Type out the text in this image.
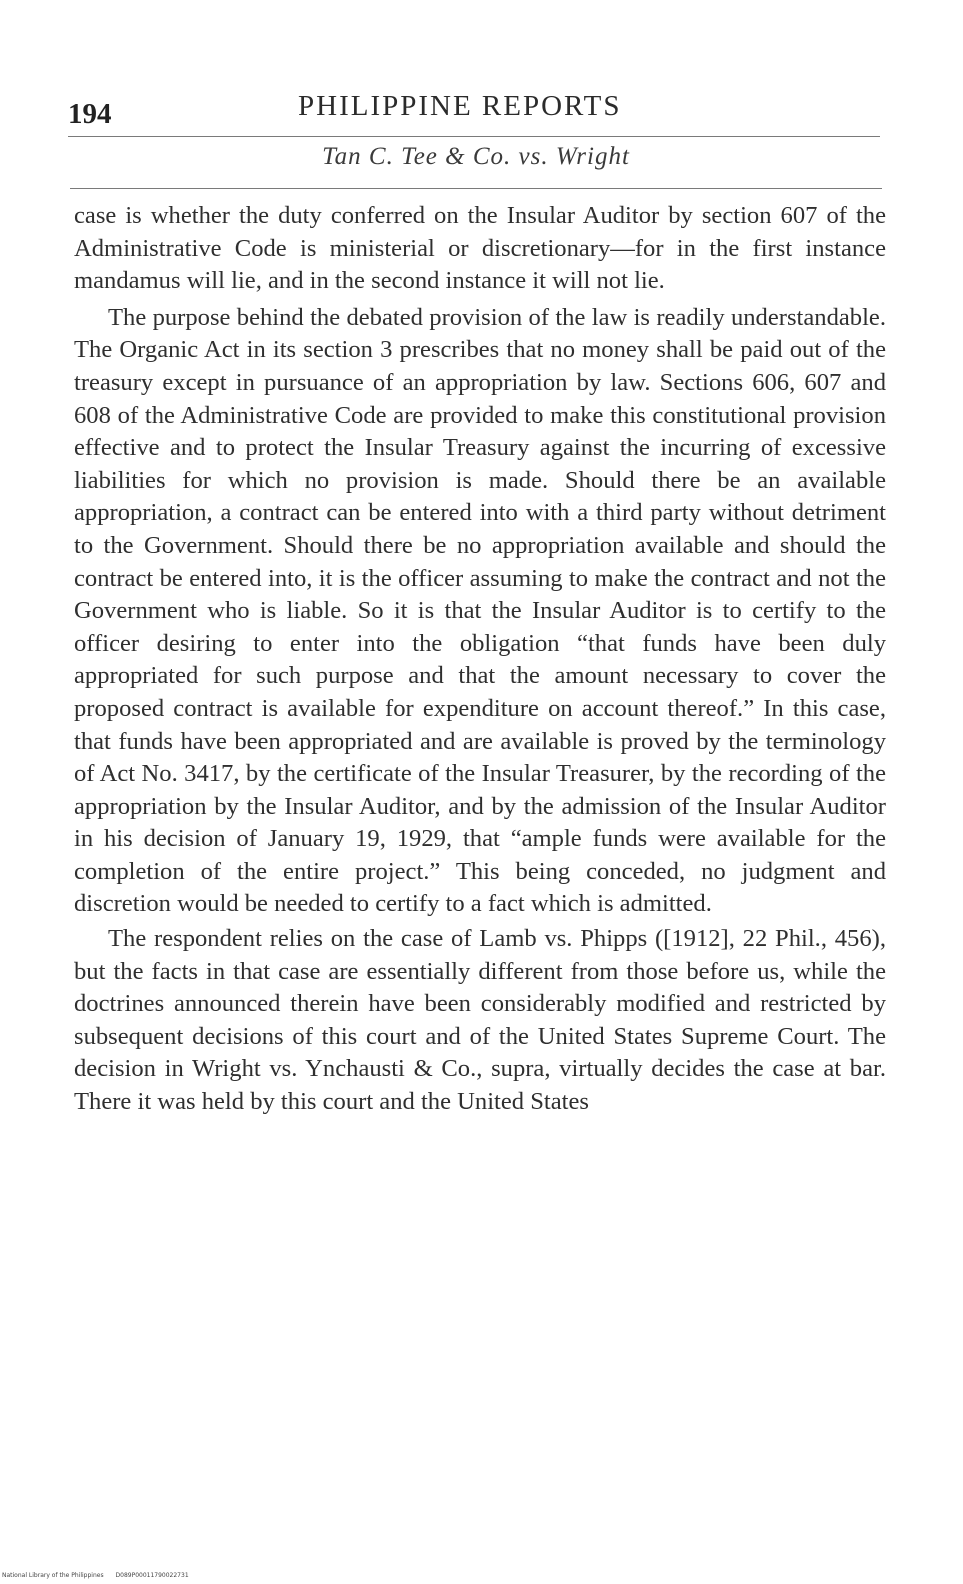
194	PHILIPPINE REPORTS
Tan C. Tee & Co. vs. Wright

case is whether the duty conferred on the Insular Auditor by section 607 of the Administrative Code is ministerial or discretionary—for in the first instance mandamus will lie, and in the second instance it will not lie.

The purpose behind the debated provision of the law is readily understandable. The Organic Act in its section 3 prescribes that no money shall be paid out of the treasury except in pursuance of an appropriation by law. Sections 606, 607 and 608 of the Administrative Code are provided to make this constitutional provision effective and to protect the Insular Treasury against the incurring of excessive liabilities for which no provision is made. Should there be an available appropriation, a contract can be entered into with a third party without detriment to the Government. Should there be no appropriation available and should the contract be entered into, it is the officer assuming to make the contract and not the Government who is liable. So it is that the Insular Auditor is to certify to the officer desiring to enter into the obligation “that funds have been duly appropriated for such purpose and that the amount necessary to cover the proposed contract is available for expenditure on account thereof.” In this case, that funds have been appropriated and are available is proved by the terminology of Act No. 3417, by the certificate of the Insular Treasurer, by the recording of the appropriation by the Insular Auditor, and by the admission of the Insular Auditor in his decision of January 19, 1929, that “ample funds were available for the completion of the entire project.” This being conceded, no judgment and discretion would be needed to certify to a fact which is admitted.

The respondent relies on the case of Lamb vs. Phipps ([1912], 22 Phil., 456), but the facts in that case are essentially different from those before us, while the doctrines announced therein have been considerably modified and restricted by subsequent decisions of this court and of the United States Supreme Court. The decision in Wright vs. Ynchausti & Co., supra, virtually decides the case at bar. There it was held by this court and the United States

National Library of the Philippines D089P00011790022731
